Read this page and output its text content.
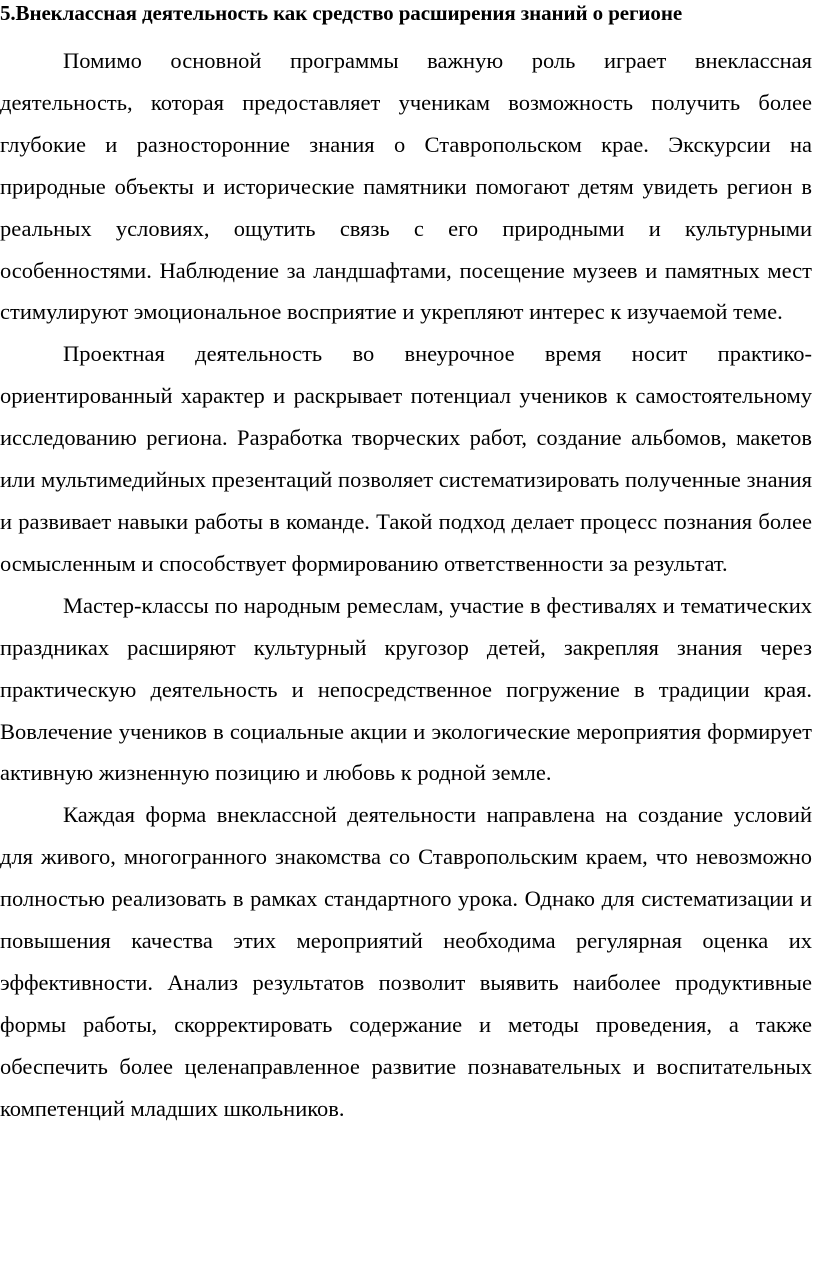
5.Внеклассная деятельность как средство расширения знаний о регионе

Помимо основной программы важную роль играет внеклассная деятельность, которая предоставляет ученикам возможность получить более глубокие и разносторонние знания о Ставропольском крае. Экскурсии на природные объекты и исторические памятники помогают детям увидеть регион в реальных условиях, ощутить связь с его природными и культурными особенностями. Наблюдение за ландшафтами, посещение музеев и памятных мест стимулируют эмоциональное восприятие и укрепляют интерес к изучаемой теме.

Проектная деятельность во внеурочное время носит практико-ориентированный характер и раскрывает потенциал учеников к самостоятельному исследованию региона. Разработка творческих работ, создание альбомов, макетов или мультимедийных презентаций позволяет систематизировать полученные знания и развивает навыки работы в команде. Такой подход делает процесс познания более осмысленным и способствует формированию ответственности за результат.

Мастер-классы по народным ремеслам, участие в фестивалях и тематических праздниках расширяют культурный кругозор детей, закрепляя знания через практическую деятельность и непосредственное погружение в традиции края. Вовлечение учеников в социальные акции и экологические мероприятия формирует активную жизненную позицию и любовь к родной земле.

Каждая форма внеклассной деятельности направлена на создание условий для живого, многогранного знакомства со Ставропольским краем, что невозможно полностью реализовать в рамках стандартного урока. Однако для систематизации и повышения качества этих мероприятий необходима регулярная оценка их эффективности. Анализ результатов позволит выявить наиболее продуктивные формы работы, скорректировать содержание и методы проведения, а также обеспечить более целенаправленное развитие познавательных и воспитательных компетенций младших школьников.
